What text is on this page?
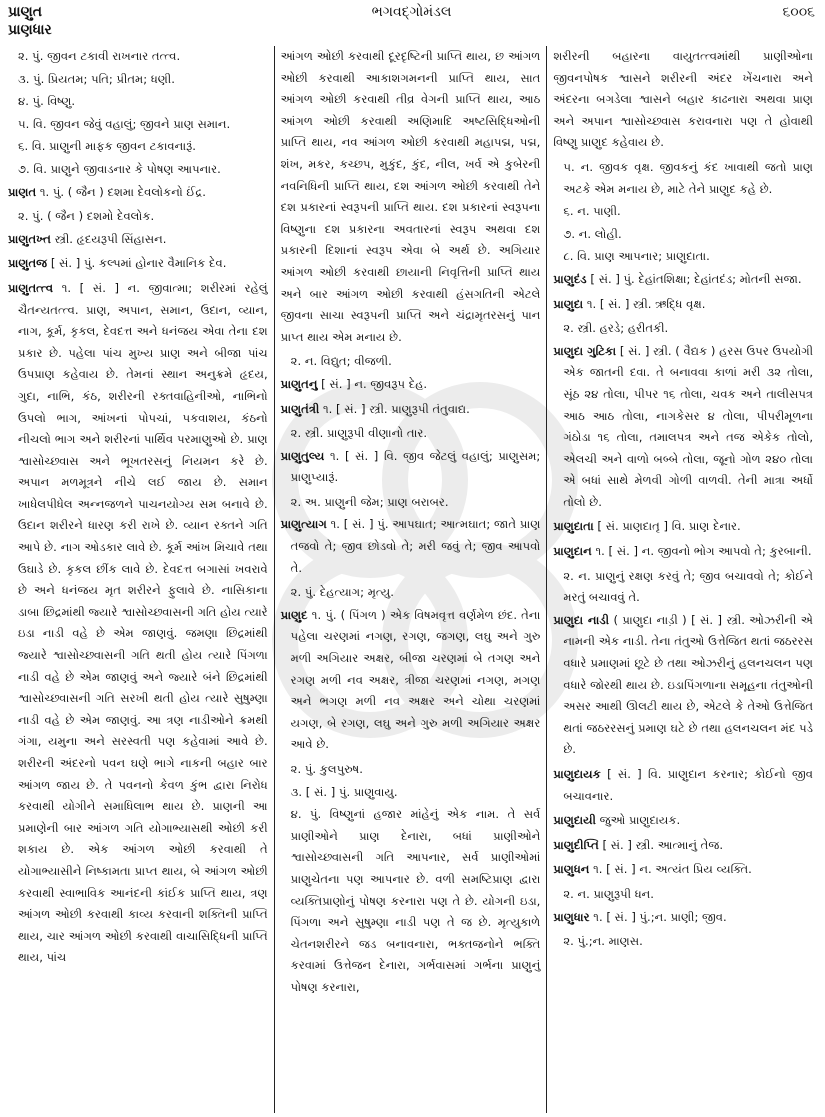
પ્રાણુત	ભગવદ્ગોમંડલ	૬૦૦૬
પ્રાણધાર
૨. પું. જીવન ટકાવી રાખનાર તત્ત્વ.
૩. પું. પ્રિયતમ; પતિ; પ્રીતમ; ધણી.
૪. પું. વિષ્ણુ.
૫. વિ. જીવન જેવું વહાલું; જીવને પ્રાણ સમાન.
૬. વિ. પ્રાણુની માફક જીવન ટકાવનારૂં.
૭. વિ. પ્રાણુને જીવાડનાર કે પોષણ આપનાર.
પ્રાણત ૧. પું. ( જૈન ) દશમા દેવલોકનો ઈંદ્ર.
૨. પું. ( જૈન ) દશમો દેવલોક.
પ્રાણુતખ્ત સ્ત્રી. હૃદયરૂપી સિંહાસન.
પ્રાણુતજ [ સં. ] પું. કલ્પમાં હોનાર વૈમાનિક દેવ.
પ્રાણુતત્ત્વ ૧. [ સં. ] ન. જીવાત્મા; શરીરમાં રહેલું ચૈતન્યતત્ત્વ. પ્રાણ, અપાન, સમાન, ઉદાન, વ્યાન, નાગ, કૂર્મ, કૃકલ, દેવદત્ત અને ધનંજય એવા તેના દશ પ્રકાર છે. પહેલા પાંચ મુખ્ય પ્રાણ અને બીજા પાંચ ઉપપ્રાણ કહેવાય છે. તેમનાં સ્થાન અનુક્રમે હૃદય, ગુદા, નાભિ, કંઠ, શરીરની રક્તવાહિનીઓ, નાભિનો ઉપલો ભાગ, આંખનાં પોપચાં, પકવાશય, કંઠનો નીચલો ભાગ અને શરીરનાં પાર્થિવ પરમાણુઓ છે. પ્રાણ શ્વાસોચ્છ્વાસ અને ભૂખતરસનું નિયમન કરે છે. અપાન મળમૂત્રને નીચે લઈ જાય છે. સમાન ખાધેલપીધેલ અન્નજળને પાચનયોગ્ય સમ બનાવે છે. ઉદાન શરીરને ધારણ કરી રાખે છે. વ્યાન રક્તને ગતિ આપે છે. નાગ ઓડકાર લાવે છે. કૂર્મ આંખ મિચાવે તથા ઉઘાડે છે. કૃકલ છીંક લાવે છે. દેવદત્ત બગાસાં ખવરાવે છે અને ધનંજય મૃત શરીરને ફુલાવે છે. નાસિકાના ડાબા છિદ્રમાંથી જ્યારે શ્વાસોચ્છ્વાસની ગતિ હોય ત્યારે ઇડા નાડી વહે છે એમ જાણવું. જમણા છિદ્રમાંથી જ્યારે શ્વાસોચ્છ્વાસની ગતિ થતી હોય ત્યારે પિંગળા નાડી વહે છે એમ જાણવું અને જ્યારે બંને છિદ્રમાંથી શ્વાસોચ્છ્વાસની ગતિ સરખી થતી હોય ત્યારે સુષુમ્ણા નાડી વહે છે એમ જાણવું. આ ત્રણ નાડીઓને ક્રમથી ગંગા, યમુના અને સરસ્વતી પણ કહેવામાં આવે છે. શરીરની અંદરનો પવન ઘણે ભાગે નાકની બહાર બાર આંગળ જાય છે. તે પવનનો કેવળ કુંભ દ્વારા નિરોધ કરવાથી યોગીને સમાધિલાભ થાય છે. પ્રાણની આ પ્રમાણેની બાર આંગળ ગતિ યોગાભ્યાસથી ઓછી કરી શકાય છે. એક આંગળ ઓછી કરવાથી તે યોગાભ્યાસીને નિષ્કામતા પ્રાપ્ત થાય, બે આંગળ ઓછી કરવાથી સ્વાભાવિક આનંદની કાંઈક પ્રાપ્તિ થાય, ત્રણ આંગળ ઓછી કરવાથી કાવ્ય કરવાની શક્તિની પ્રાપ્તિ થાય, ચાર આંગળ ઓછી કરવાથી વાચાસિદ્ધિની પ્રાપ્તિ થાય, પાંચ
આંગળ ઓછી કરવાથી દૂરદૃષ્ટિની પ્રાપ્તિ થાય, છ આંગળ ઓછી કરવાથી આકાશગમનની પ્રાપ્તિ થાય, સાત આંગળ ઓછી કરવાથી તીવ્ર વેગની પ્રાપ્તિ થાય, આઠ આંગળ ઓછી કરવાથી અણિમાદિ અષ્ટસિદ્ધિઓની પ્રાપ્તિ થાય, નવ આંગળ ઓછી કરવાથી મહાપદ્મ, પદ્મ, શંખ, મકર, કચ્છપ, મુકુંદ, કુંદ, નીલ, ખર્વ એ કુબેરની નવનિધિની પ્રાપ્તિ થાય, દશ આંગળ ઓછી કરવાથી તેને દશ પ્રકારનાં સ્વરૂપની પ્રાપ્તિ થાય. દશ પ્રકારનાં સ્વરૂપના વિષ્ણુના દશ પ્રકારના અવતારનાં સ્વરૂપ અથવા દશ પ્રકારની દિશાનાં સ્વરૂપ એવા બે અર્થ છે. અગિયાર આંગળ ઓછી કરવાથી છાયાની નિવૃત્તિની પ્રાપ્તિ થાય અને બાર આંગળ ઓછી કરવાથી હંસગતિની એટલે જીવના સાચા સ્વરૂપની પ્રાપ્તિ અને ચંદ્રામૃતરસનું પાન પ્રાપ્ત થાય એમ મનાય છે.
૨. ન. વિદ્યુત; વીજળી.
પ્રાણુતનુ [ સં. ] ન. જીવરૂપ દેહ.
પ્રાણુતંત્રી ૧. [ સં. ] સ્ત્રી. પ્રાણુરૂપી તંતુવાદ્ય.
૨. સ્ત્રી. પ્રાણુરૂપી વીણાનો તાર.
પ્રાણુતુલ્ય ૧. [ સં. ] વિ. જીવ જેટલું વહાલું; પ્રાણુસમ; પ્રાણુપ્યારૂં.
૨. અ. પ્રાણુની જેમ; પ્રાણ બરાબર.
પ્રાણુત્યાગ ૧. [ સં. ] પું. આપઘાત; આત્મઘાત; જાતે પ્રાણ તજવો તે; જીવ છોડવો તે; મરી જવું તે; જીવ આપવો તે.
૨. પું. દેહત્યાગ; મૃત્યુ.
પ્રાણુદ ૧. પું. ( પિંગળ ) એક વિષમવૃત્ત વર્ણમેળ છંદ. તેના પહેલા ચરણમાં નગણ, રગણ, જગણ, લઘુ અને ગુરુ મળી અગિયાર અક્ષર, બીજા ચરણમાં બે તગણ અને રગણ મળી નવ અક્ષર, ત્રીજા ચરણમાં નગણ, મગણ અને ભગણ મળી નવ અક્ષર અને ચોથા ચરણમાં યગણ, બે રગણ, લઘુ અને ગુરુ મળી અગિયાર અક્ષર આવે છે.
૨. પું. કુલપુરુષ.
૩. [ સં. ] પું. પ્રાણુવાયુ.
૪. પું. વિષ્ણુનાં હજાર માંહેનું એક નામ. તે સર્વ પ્રાણીઓને પ્રાણ દેનારા, બધાં પ્રાણીઓને શ્વાસોચ્છ્વાસની ગતિ આપનાર, સર્વ પ્રાણીઓમાં પ્રાણુચેતના પણ આપનાર છે. વળી સમષ્ટિપ્રાણ દ્વારા વ્યક્તિપ્રાણોનું પોષણ કરનારા પણ તે છે. યોગની ઇડા, પિંગળા અને સુષુમ્ણા નાડી પણ તે જ છે. મૃત્યુકાળે ચેતનશરીરને જડ બનાવનારા, ભક્તજનોને ભક્તિ કરવામાં ઉત્તેજન દેનારા, ગર્ભવાસમાં ગર્ભના પ્રાણુનું પોષણ કરનારા,
શરીરની બહારના વાયુતત્ત્વમાંથી પ્રાણીઓના જીવનપોષક શ્વાસને શરીરની અંદર ખેંચનારા અને અંદરના બગડેલા શ્વાસને બહાર કાઢનારા અથવા પ્રાણ અને અપાન શ્વાસોચ્છ્વાસ કરાવનારા પણ તે હોવાથી વિષ્ણુ પ્રાણુદ કહેવાય છે.
૫. ન. જીવક વૃક્ષ. જીવકનું કંદ ખાવાથી જતો પ્રાણ અટકે એમ મનાય છે, માટે તેને પ્રાણુદ કહે છે.
૬. ન. પાણી.
૭. ન. લોહી.
૮. વિ. પ્રાણ આપનાર; પ્રાણુદાતા.
પ્રાણુદંડ [ સં. ] પું. દેહાંતશિક્ષા; દેહાંતદંડ; મોતની સજા.
પ્રાણુદા ૧. [ સં. ] સ્ત્રી. ઋદ્ધિ વૃક્ષ.
૨. સ્ત્રી. હરડે; હરીતકી.
પ્રાણુદા ગુટિકા [ સં. ] સ્ત્રી. ( વૈદ્યક ) હરસ ઉપર ઉપયોગી એક જાતની દવા. તે બનાવવા કાળાં મરી ૩૨ તોલા, સૂંઠ ૨૪ તોલા, પીપર ૧૬ તોલા, ચવક અને તાલીસપત્ર આઠ આઠ તોલા, નાગકેસર ૪ તોલા, પીપરીમૂળના ગંઠોડા ૧૬ તોલા, તમાલપત્ર અને તજ એકેક તોલો, એલચી અને વાળો બબ્બે તોલા, જૂનો ગોળ ૨૪૦ તોલા એ બધાં સાથે મેળવી ગોળી વાળવી. તેની માત્રા અર્ધો તોલો છે.
પ્રાણુદાતા [ સં. પ્રાણદાતૃ ] વિ. પ્રાણ દેનાર.
પ્રાણુદાન ૧. [ સં. ] ન. જીવનો ભોગ આપવો તે; કુરબાની.
૨. ન. પ્રાણુનું રક્ષણ કરવું તે; જીવ બચાવવો તે; કોઈને મરતું બચાવવું તે.
પ્રાણુદા નાડી ( પ્રાણુદા નાડ઼ી ) [ સં. ] સ્ત્રી. ઓઝરીની એ નામની એક નાડી. તેના તંતુઓ ઉત્તેજિત થતાં જઠરરસ વધારે પ્રમાણમાં છૂટે છે તથા ઓઝરીનું હલનચલન પણ વધારે જોરથી થાય છે. ઇડાપિંગળાના સમૂહના તંતુઓની અસર આથી ઊલટી થાય છે, એટલે કે તેઓ ઉત્તેજિત થતાં જઠરરસનું પ્રમાણ ઘટે છે તથા હલનચલન મંદ પડે છે.
પ્રાણુદાયક [ સં. ] વિ. પ્રાણુદાન કરનાર; કોઈનો જીવ બચાવનાર.
પ્રાણુદાયી જુઓ પ્રાણુદાયક.
પ્રાણુદીપ્તિ [ સં. ] સ્ત્રી. આત્માનું તેજ.
પ્રાણુધન ૧. [ સં. ] ન. અત્યંત પ્રિય વ્યક્તિ.
૨. ન. પ્રાણુરૂપી ધન.
પ્રાણુધાર ૧. [ સં. ] પું.;ન. પ્રાણી; જીવ.
૨. પું.;ન. માણસ.
